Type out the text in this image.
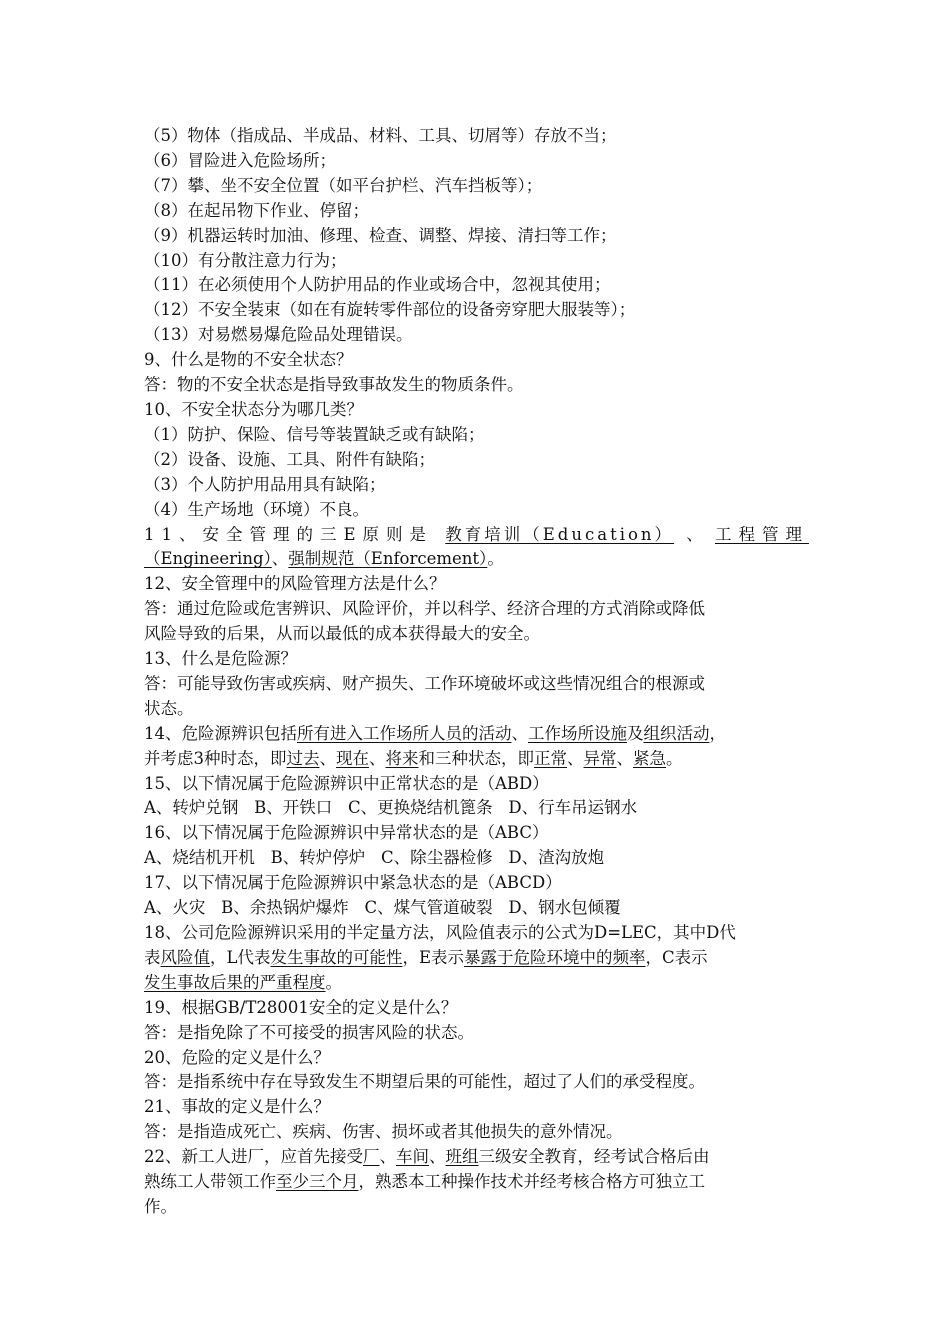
（5）物体（指成品、半成品、材料、工具、切屑等）存放不当；
（6）冒险进入危险场所；
（7）攀、坐不安全位置（如平台护栏、汽车挡板等）；
（8）在起吊物下作业、停留；
（9）机器运转时加油、修理、检查、调整、焊接、清扫等工作；
（10）有分散注意力行为；
（11）在必须使用个人防护用品的作业或场合中，忽视其使用；
（12）不安全装束（如在有旋转零件部位的设备旁穿肥大服装等）；
（13）对易燃易爆危险品处理错误。
9、什么是物的不安全状态？
答：物的不安全状态是指导致事故发生的物质条件。
10、不安全状态分为哪几类？
（1）防护、保险、信号等装置缺乏或有缺陷；
（2）设备、设施、工具、附件有缺陷；
（3）个人防护用品用具有缺陷；
（4）生产场地（环境）不良。
11、安全管理的三E原则是 教育培训（Education） 、 工程管理
（Engineering）、强制规范（Enforcement）。
12、安全管理中的风险管理方法是什么？
答：通过危险或危害辨识、风险评价，并以科学、经济合理的方式消除或降低
风险导致的后果，从而以最低的成本获得最大的安全。
13、什么是危险源？
答：可能导致伤害或疾病、财产损失、工作环境破坏或这些情况组合的根源或
状态。
14、危险源辨识包括所有进入工作场所人员的活动、工作场所设施及组织活动，
并考虑3种时态，即过去、现在、将来和三种状态，即正常、异常、紧急。
15、以下情况属于危险源辨识中正常状态的是（ABD）
A、转炉兑钢   B、开铁口   C、更换烧结机篦条   D、行车吊运钢水
16、以下情况属于危险源辨识中异常状态的是（ABC）
A、烧结机开机   B、转炉停炉   C、除尘器检修   D、渣沟放炮
17、以下情况属于危险源辨识中紧急状态的是（ABCD）
A、火灾   B、余热锅炉爆炸   C、煤气管道破裂   D、钢水包倾覆
18、公司危险源辨识采用的半定量方法，风险值表示的公式为D=LEC，其中D代
表风险值，L代表发生事故的可能性，E表示暴露于危险环境中的频率，C表示
发生事故后果的严重程度。
19、根据GB/T28001安全的定义是什么？
答：是指免除了不可接受的损害风险的状态。
20、危险的定义是什么？
答：是指系统中存在导致发生不期望后果的可能性，超过了人们的承受程度。
21、事故的定义是什么？
答：是指造成死亡、疾病、伤害、损坏或者其他损失的意外情况。
22、新工人进厂，应首先接受厂、车间、班组三级安全教育，经考试合格后由
熟练工人带领工作至少三个月，熟悉本工种操作技术并经考核合格方可独立工
作。
